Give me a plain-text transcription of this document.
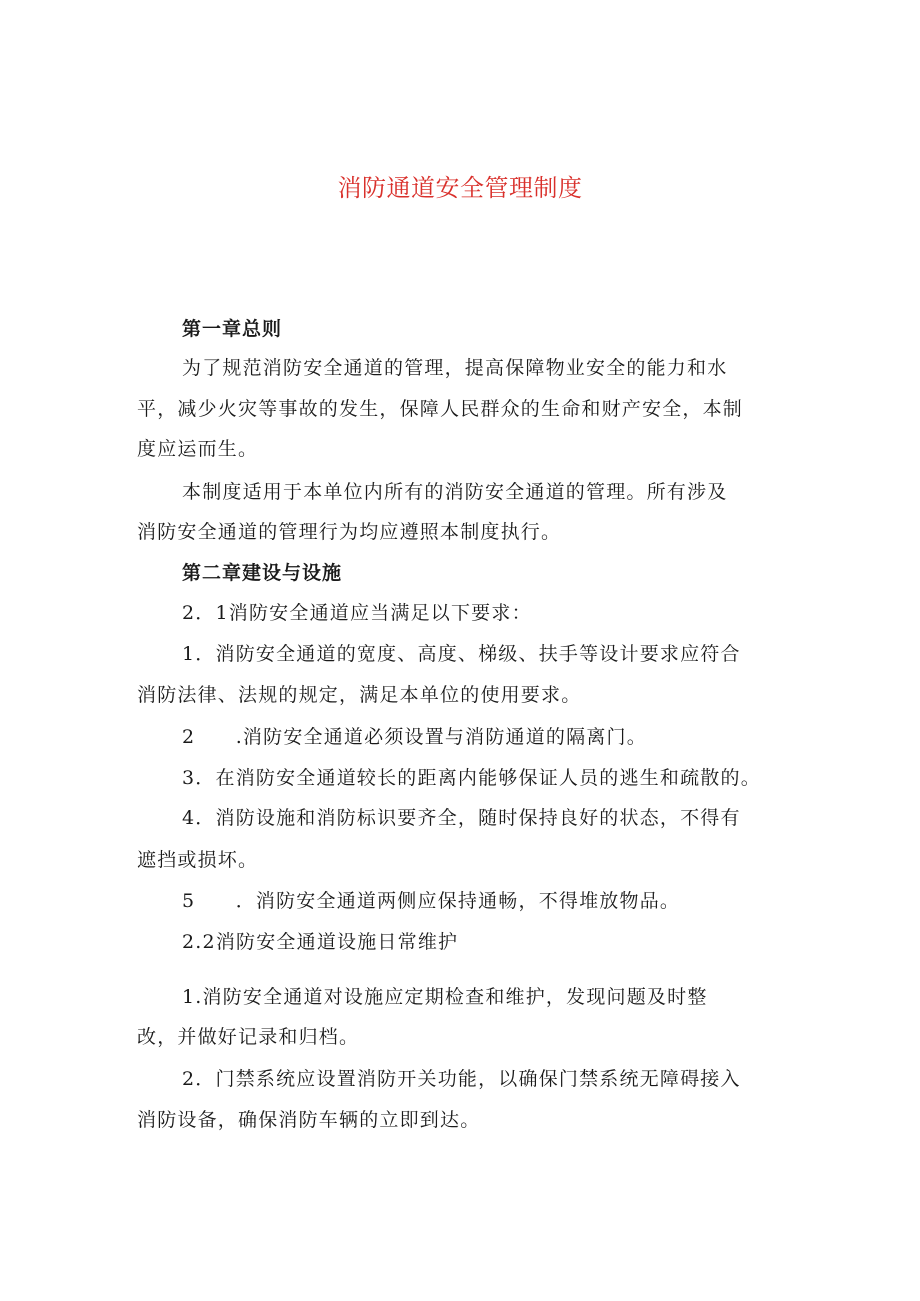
消防通道安全管理制度
第一章总则
为了规范消防安全通道的管理，提高保障物业安全的能力和水
平，减少火灾等事故的发生，保障人民群众的生命和财产安全，本制
度应运而生。
本制度适用于本单位内所有的消防安全通道的管理。所有涉及
消防安全通道的管理行为均应遵照本制度执行。
第二章建设与设施
2．1消防安全通道应当满足以下要求：
1．消防安全通道的宽度、高度、梯级、扶手等设计要求应符合
消防法律、法规的规定，满足本单位的使用要求。
2　　.消防安全通道必须设置与消防通道的隔离门。
3．在消防安全通道较长的距离内能够保证人员的逃生和疏散的。
4．消防设施和消防标识要齐全，随时保持良好的状态，不得有
遮挡或损坏。
5　　．消防安全通道两侧应保持通畅，不得堆放物品。
2.2消防安全通道设施日常维护
1.消防安全通道对设施应定期检查和维护，发现问题及时整
改，并做好记录和归档。
2．门禁系统应设置消防开关功能，以确保门禁系统无障碍接入
消防设备，确保消防车辆的立即到达。
